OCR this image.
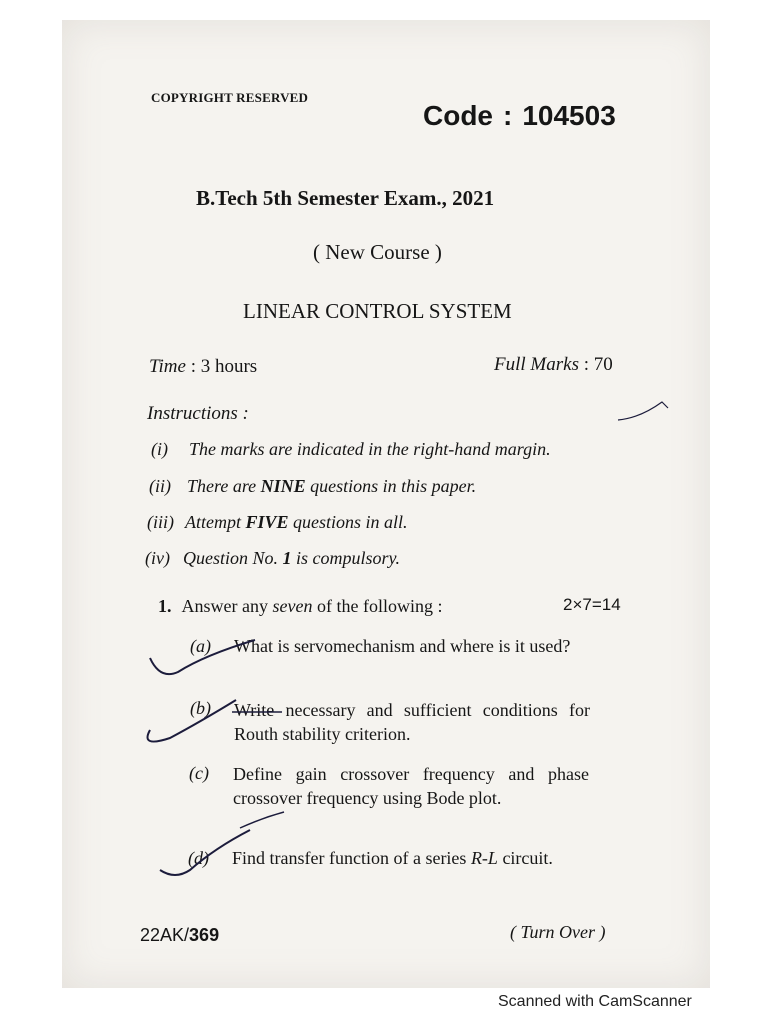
COPYRIGHT RESERVED
Code : 104503
B.Tech 5th Semester Exam., 2021
( New Course )
LINEAR CONTROL SYSTEM
Time : 3 hours	Full Marks : 70
Instructions :
(i) The marks are indicated in the right-hand margin.
(ii) There are NINE questions in this paper.
(iii) Attempt FIVE questions in all.
(iv) Question No. 1 is compulsory.
1. Answer any seven of the following :	2×7=14
(a) What is servomechanism and where is it used?
(b) Write necessary and sufficient conditions for Routh stability criterion.
(c) Define gain crossover frequency and phase crossover frequency using Bode plot.
(d) Find transfer function of a series R-L circuit.
22AK/369	( Turn Over )
Scanned with CamScanner
